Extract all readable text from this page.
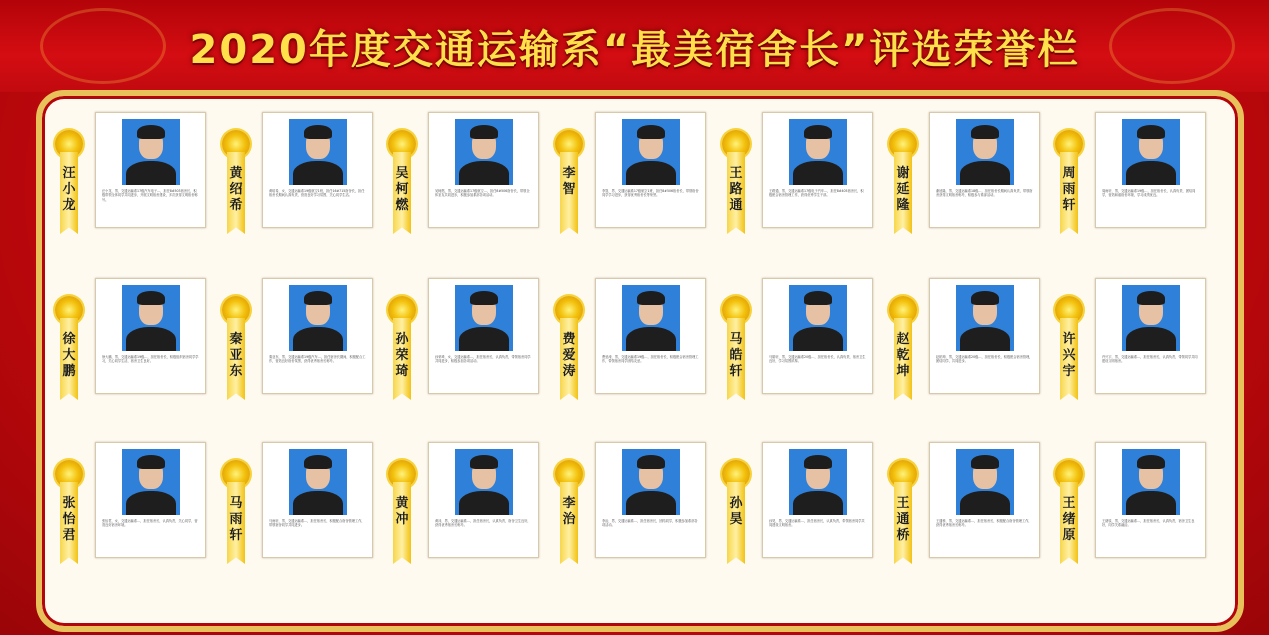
2020年度交通运输系“最美宿舍长”评选荣誉栏
汪
小
龙
汪小龙，男，交通运输系17级汽车电子…，担任8#503宿舍长，积极带领全体同学共同进步，开展文明宿舍建设，多次获得文明宿舍称号。
黄
绍
希
黄绍希，女，交通运输系19级航空1班，担任16#715宿舍长，担任宿舍长期间认真负责，营造良好学习氛围，关心同学生活。
吴
柯
燃
吴柯燃，男，交通运输系17级航空…，担任8#506宿舍长，带领全体室友共同进步，积极参加系部各项活动。
李
智	李智，男，交通运输系17级航空1班，担任8#506宿舍长，带领宿舍同学学习进步，获得优秀宿舍长等荣誉。
王
路
通
王路通，男，交通运输系17级电子汽车…，担任8#405宿舍长，积极配合宿舍管理工作，获得优秀学生干部。
谢
延
隆
谢延隆，男，交通运输系18级…，担任宿舍长期间认真负责，带领宿舍获得文明宿舍称号，积极参与系部活动。
周
雨
轩
周雨轩，男，交通运输系19级…，担任宿舍长，认真负责，团结同学，营造和谐宿舍环境，学习成绩优良。
徐
大
鹏
徐大鹏，男，交通运输系19级…，担任宿舍长，积极组织宿舍同学学习，关心同学生活，宿舍卫生良好。
秦
亚
东
秦亚东，男，交通运输系19级汽车…，担任宿舍长期间，积极配合工作，营造良好宿舍氛围，获得优秀宿舍长称号。
孙
荣
琦
孙荣琦，女，交通运输系…，担任宿舍长，认真负责，带领宿舍同学共同进步，积极参加各项活动。
费
爱
涛
费爱涛，男，交通运输系19级…，担任宿舍长，积极配合宿舍管理工作，带领宿舍同学团结友爱。
马
皓
轩
马皓轩，男，交通运输系20级…，担任宿舍长，认真负责，宿舍卫生良好，学习氛围浓厚。
赵
乾
坤
赵乾坤，男，交通运输系20级…，担任宿舍长，积极配合宿舍管理，团结同学，共同进步。
许
兴
宇
许兴宇，男，交通运输系…，担任宿舍长，认真负责，带领同学共同建设文明宿舍。
张
怡
君
张怡君，女，交通运输系…，担任宿舍长，认真负责，关心同学，营造良好宿舍环境。
马
雨
轩
马雨轩，男，交通运输系…，担任宿舍长，积极配合宿舍管理工作，带领宿舍同学共同进步。
黄
冲	黄冲，男，交通运输系…，担任宿舍长，认真负责，宿舍卫生良好，获得优秀宿舍长称号。
李
治	李治，男，交通运输系…，担任宿舍长，团结同学，积极参加系部各项活动。
孙
昊	孙昊，男，交通运输系…，担任宿舍长，认真负责，带领宿舍同学共同建设文明宿舍。
王
通
桥
王通桥，男，交通运输系…，担任宿舍长，积极配合宿舍管理工作，获得优秀宿舍长称号。
王
绪
原
王绪原，男，交通运输系…，担任宿舍长，认真负责，宿舍卫生良好，同学关系融洽。
